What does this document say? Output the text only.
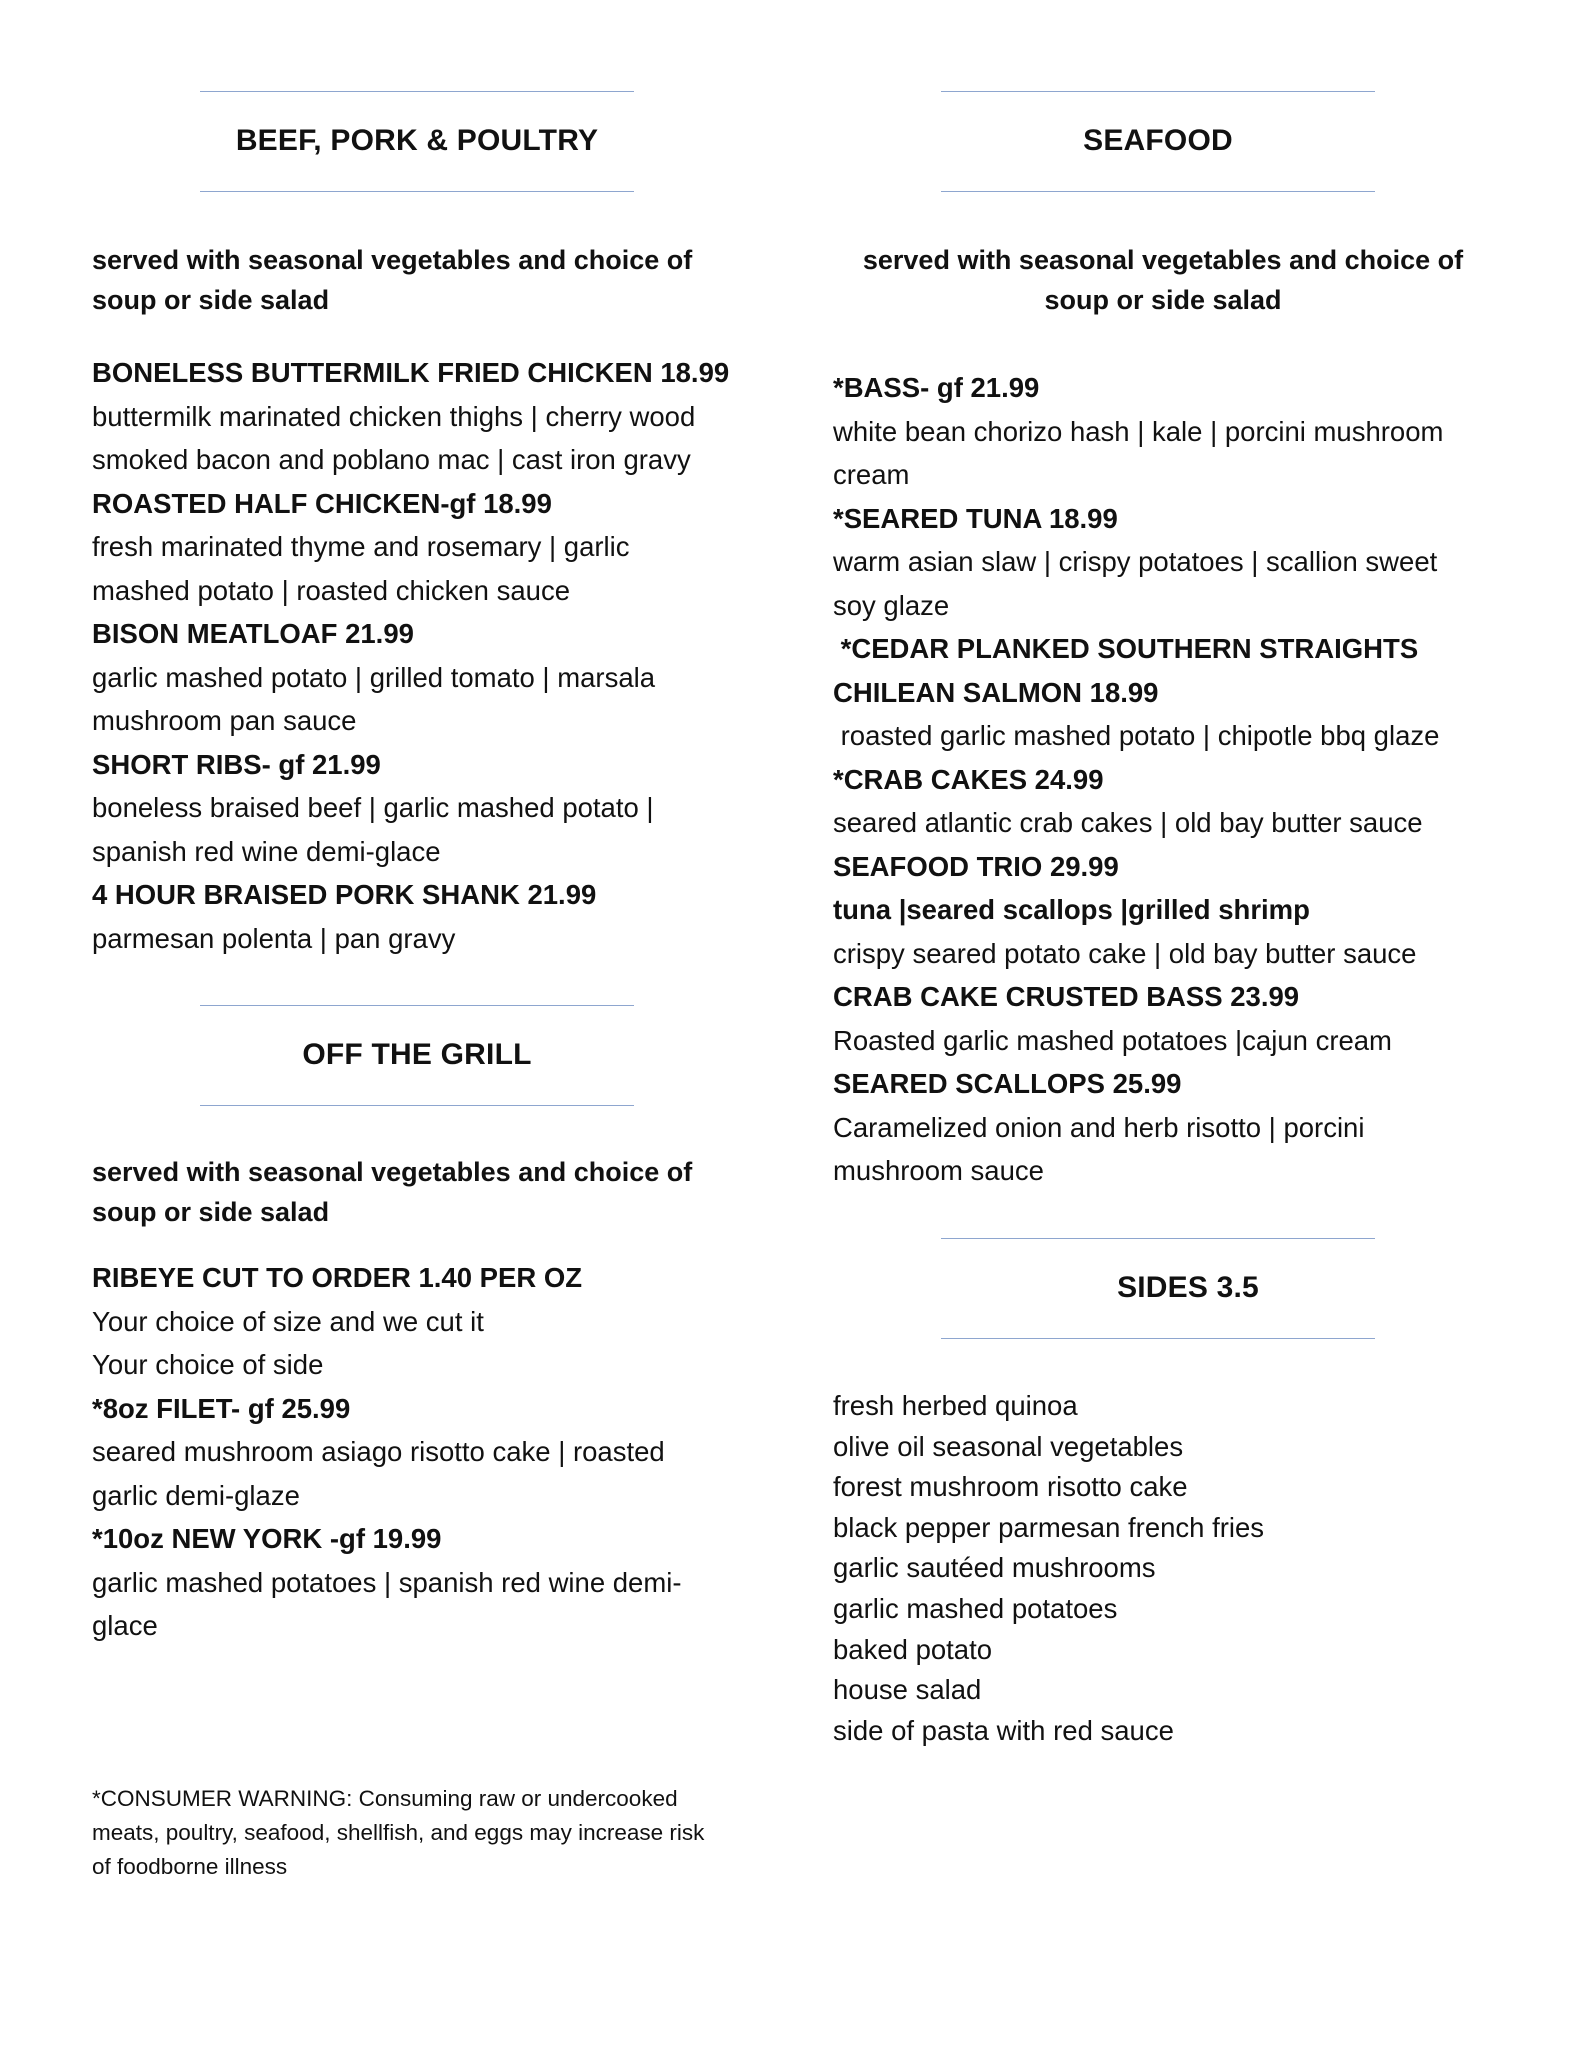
BEEF, PORK & POULTRY
served with seasonal vegetables and choice of
soup or side salad
BONELESS BUTTERMILK FRIED CHICKEN 18.99
buttermilk marinated chicken thighs | cherry wood
smoked bacon and poblano mac | cast iron gravy
ROASTED HALF CHICKEN-gf 18.99
fresh marinated thyme and rosemary | garlic
mashed potato | roasted chicken sauce
BISON MEATLOAF 21.99
garlic mashed potato | grilled tomato | marsala
mushroom pan sauce
SHORT RIBS- gf 21.99
boneless braised beef | garlic mashed potato |
spanish red wine demi-glace
4 HOUR BRAISED PORK SHANK 21.99
parmesan polenta | pan gravy
OFF THE GRILL
served with seasonal vegetables and choice of
soup or side salad
RIBEYE CUT TO ORDER 1.40 PER OZ
Your choice of size and we cut it
Your choice of side
*8oz FILET- gf 25.99
seared mushroom asiago risotto cake | roasted
garlic demi-glaze
*10oz NEW YORK -gf 19.99
garlic mashed potatoes | spanish red wine demi-
glace
*CONSUMER WARNING: Consuming raw or undercooked
meats, poultry, seafood, shellfish, and eggs may increase risk
of foodborne illness
SEAFOOD
served with seasonal vegetables and choice of
soup or side salad
*BASS- gf 21.99
white bean chorizo hash | kale | porcini mushroom
cream
*SEARED TUNA 18.99
warm asian slaw | crispy potatoes | scallion sweet
soy glaze
*CEDAR PLANKED SOUTHERN STRAIGHTS
CHILEAN SALMON 18.99
roasted garlic mashed potato | chipotle bbq glaze
*CRAB CAKES 24.99
seared atlantic crab cakes | old bay butter sauce
SEAFOOD TRIO 29.99
tuna |seared scallops |grilled shrimp
crispy seared potato cake | old bay butter sauce
CRAB CAKE CRUSTED BASS 23.99
Roasted garlic mashed potatoes |cajun cream
SEARED SCALLOPS 25.99
Caramelized onion and herb risotto | porcini
mushroom sauce
SIDES 3.5
fresh herbed quinoa
olive oil seasonal vegetables
forest mushroom risotto cake
black pepper parmesan french fries
garlic sautéed mushrooms
garlic mashed potatoes
baked potato
house salad
side of pasta with red sauce
